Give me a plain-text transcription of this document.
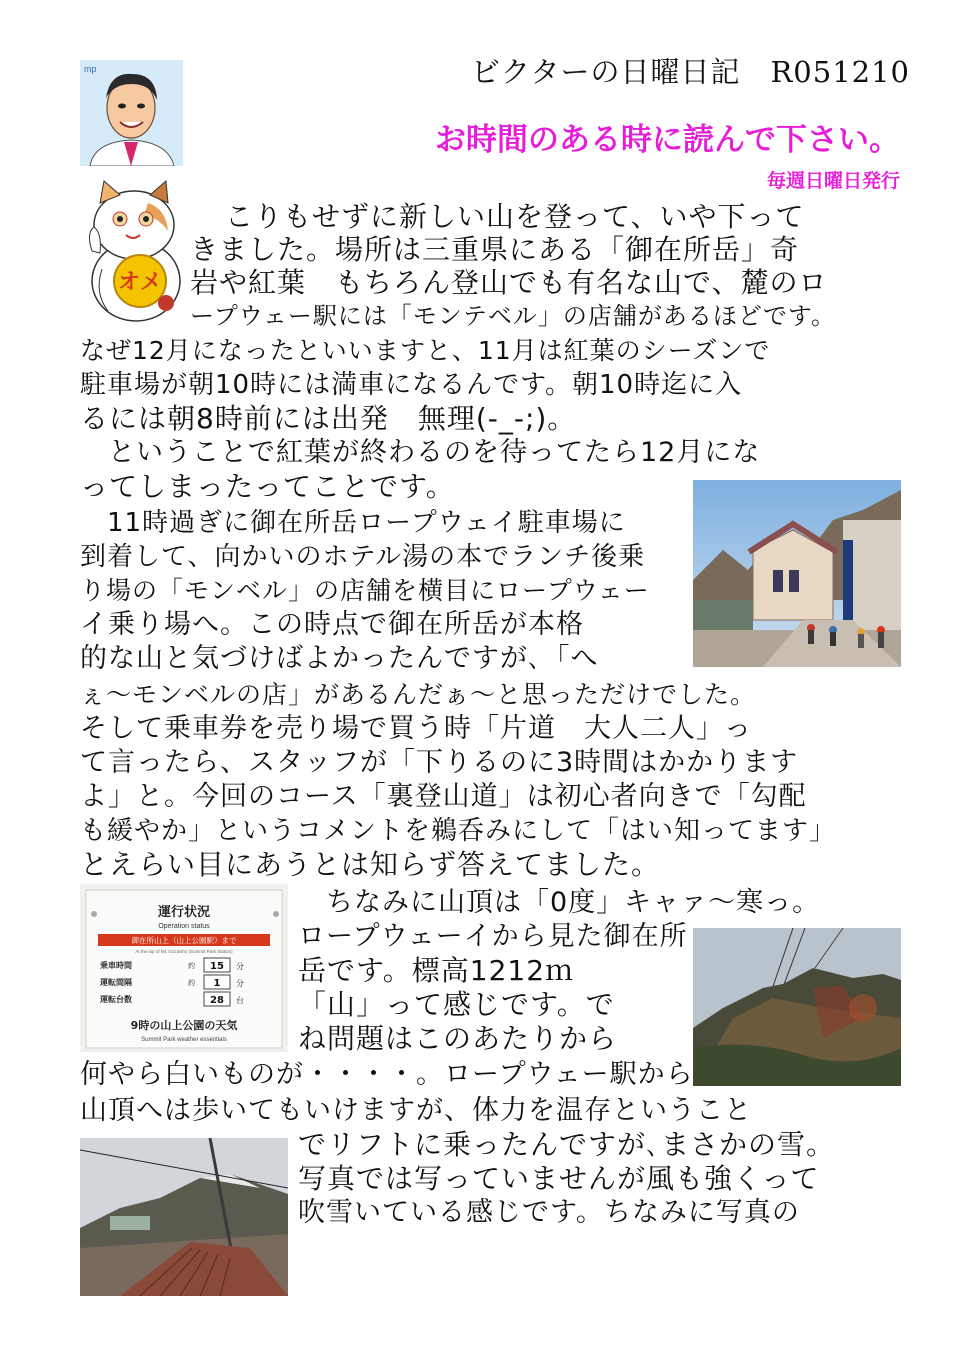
ビクターの日曜日記　R051210
お時間のある時に読んで下さい。
毎週日曜日発行
mp
オメ
運行状況
Operation status
御在所山上（山上公園駅）まで
At the top of Mt. Gozaisho (Summit Park Station)
乗車時間	約 15 分
運転間隔	約 1 分
運転台数	28 台
9時の山上公園の天気
Summit Park weather essentials
　こりもせずに新しい山を登って、いや下って
きました。場所は三重県にある「御在所岳」奇
岩や紅葉　もちろん登山でも有名な山で、麓のロ
ープウェー駅には「モンテベル」の店舗があるほどです。
なぜ12月になったといいますと、11月は紅葉のシーズンで
駐車場が朝10時には満車になるんです。朝10時迄に入
るには朝8時前には出発　無理(-_-;)。
　ということで紅葉が終わるのを待ってたら12月にな
ってしまったってことです。
　11時過ぎに御在所岳ロープウェイ駐車場に
到着して、向かいのホテル湯の本でランチ後乗
り場の「モンベル」の店舗を横目にロープウェー
イ乗り場へ。この時点で御在所岳が本格
的な山と気づけばよかったんですが､「へ
ぇ～モンベルの店」があるんだぁ～と思っただけでした。
そして乗車券を売り場で買う時「片道　大人二人」っ
て言ったら、スタッフが「下りるのに3時間はかかります
よ」と。今回のコース「裏登山道」は初心者向きで「勾配
も緩やか」というコメントを鵜呑みにして「はい知ってます」
とえらい目にあうとは知らず答えてました。
　ちなみに山頂は「0度」キャァ～寒っ。
ロープウェーイから見た御在所
岳です。標高1212ｍ
「山」って感じです。で
ね問題はこのあたりから
何やら白いものが・・・・。ロープウェー駅から
山頂へは歩いてもいけますが、体力を温存ということ
でリフトに乗ったんですが､まさかの雪。
写真では写っていませんが風も強くって
吹雪いている感じです。ちなみに写真の
